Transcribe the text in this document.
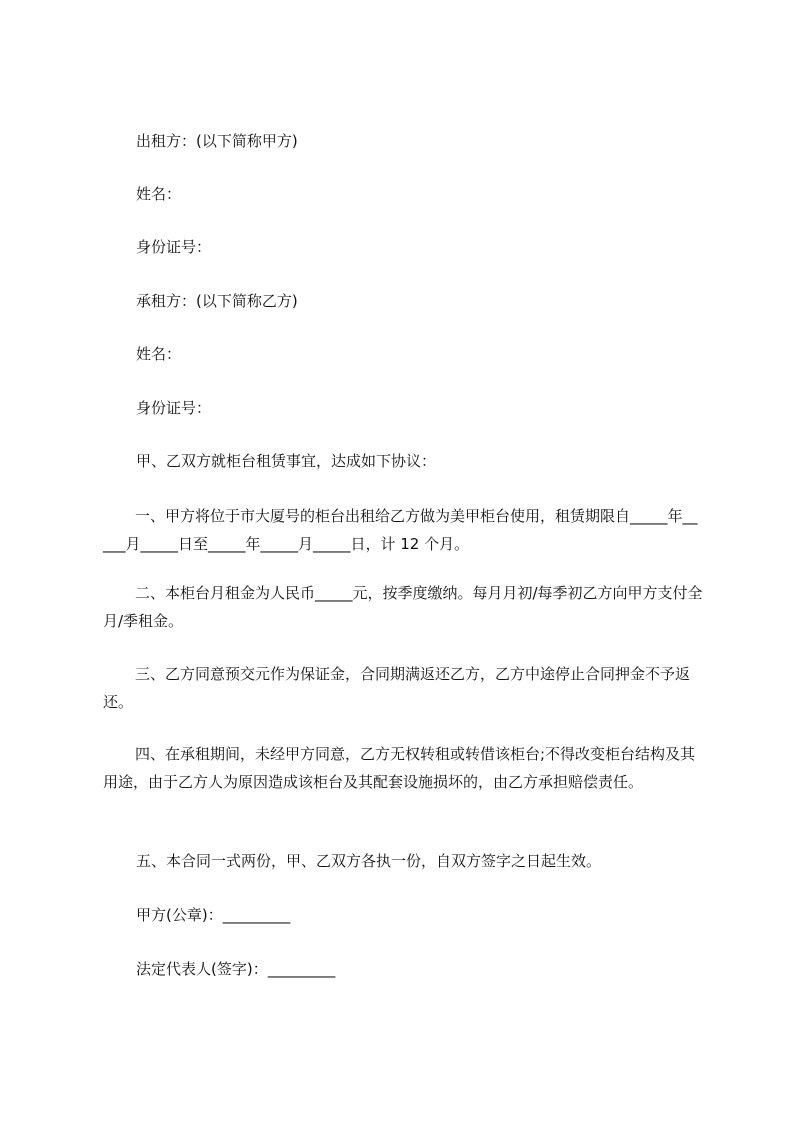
出租方：(以下简称甲方)

姓名：

身份证号：

承租方：(以下简称乙方)

姓名：

身份证号：

甲、乙双方就柜台租赁事宜，达成如下协议：

一、甲方将位于市大厦号的柜台出租给乙方做为美甲柜台使用，租赁期限自_____年_____月_____日至_____年_____月_____日，计 12 个月。

二、本柜台月租金为人民币_____元，按季度缴纳。每月月初/每季初乙方向甲方支付全月/季租金。

三、乙方同意预交元作为保证金，合同期满返还乙方，乙方中途停止合同押金不予返还。

四、在承租期间，未经甲方同意，乙方无权转租或转借该柜台;不得改变柜台结构及其用途，由于乙方人为原因造成该柜台及其配套设施损坏的，由乙方承担赔偿责任。

五、本合同一式两份，甲、乙双方各执一份，自双方签字之日起生效。

甲方(公章)：_________

法定代表人(签字)：_________
